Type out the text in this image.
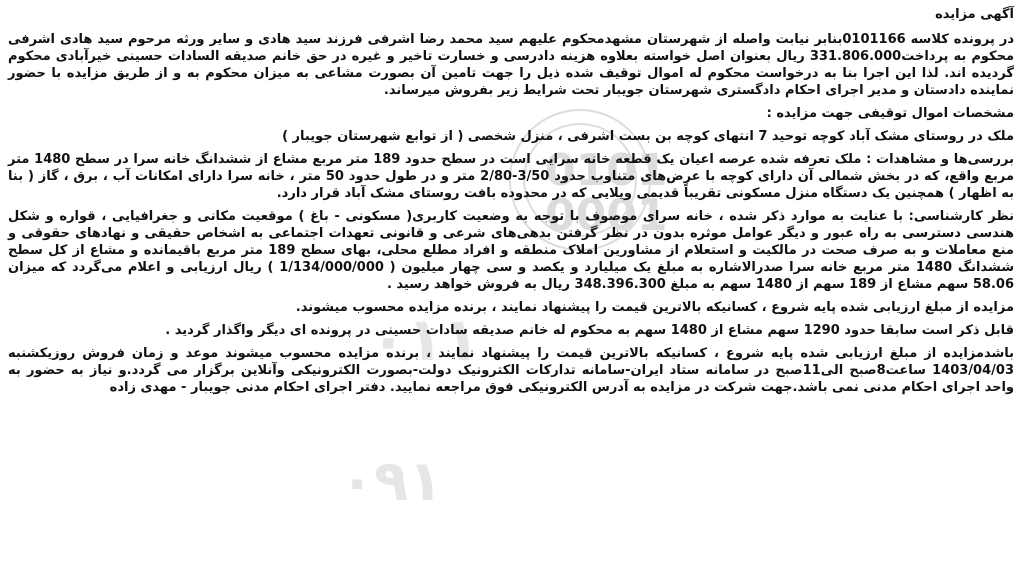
0101
0001
۰۱۱
۰۹۱

آگهی مزایده

در پرونده کلاسه 0101166بنابر نیابت واصله از شهرستان مشهدمحکوم علیهم سید محمد رضا اشرفی فرزند سید هادی و سایر ورثه مرحوم سید هادی اشرفی محکوم به پرداخت331.806.000 ریال بعنوان اصل خواسته بعلاوه هزینه دادرسی و خسارت تاخیر و غیره در حق خانم صدیقه السادات حسینی خیرآبادی محکوم گردیده اند. لذا این اجرا بنا به درخواست محکوم له اموال توقیف شده ذیل را جهت تامین آن بصورت مشاعی به میزان محکوم به و از طریق مزایده با حضور نماینده دادستان و مدیر اجرای احکام دادگستری شهرستان جویبار تحت شرایط زیر بفروش میرساند.

مشخصات اموال توقیفی جهت مزایده :

ملک در روستای مشک آباد کوچه توحید 7 انتهای کوچه بن بست اشرفی ، منزل شخصی ( از توابع شهرستان جویبار )

بررسی‌ها و مشاهدات : ملک تعرفه شده عرصه اعیان یک قطعه خانه سرایی است در سطح حدود 189 متر مربع مشاع از ششدانگ خانه سرا در سطح 1480 متر مربع واقع، که در بخش شمالی آن دارای کوچه با عرض‌های متناوب حدود 3/50-2/80 متر و در طول حدود 50 متر ، خانه سرا دارای امکانات آب ، برق ، گاز ( بنا به اظهار ) همچنین یک دستگاه منزل مسکونی تقریباً قدیمی ویلایی که در محدوده بافت روستای مشک آباد قرار دارد.

نظر کارشناسی: با عنایت به موارد ذکر شده ، خانه سرای موصوف با توجه به وضعیت کاربری( مسکونی - باغ ) موقعیت مکانی و جغرافیایی ، قواره و شکل هندسی دسترسی به راه عبور و دیگر عوامل موثره بدون در نظر گرفتن بدهی‌های شرعی و قانونی تعهدات اجتماعی به اشخاص حقیقی و نهادهای حقوقی و منع معاملات و به صرف صحت در مالکیت و استعلام از مشاورین املاک منطقه و افراد مطلع محلی، بهای سطح 189 متر مربع باقیمانده و مشاع از کل سطح ششدانگ 1480 متر مربع خانه سرا صدرالاشاره به مبلغ یک میلیارد و یکصد و سی چهار میلیون ( 1/134/000/000 ) ریال ارزیابی و اعلام می‌گردد که میزان 58.06 سهم مشاع از 189 سهم از 1480 سهم به مبلغ 348.396.300 ریال به فروش خواهد رسید .

مزایده از مبلغ ارزیابی شده پایه شروع ، کسانیکه بالاترین قیمت را پیشنهاد نمایند ، برنده مزایده محسوب میشوند.

قابل ذکر است سابقا حدود 1290 سهم مشاع از 1480 سهم به محکوم له خانم صدیقه سادات حسینی در پرونده ای دیگر واگذار گردید .

باشدمزایده از مبلغ ارزیابی شده پایه شروع ، کسانیکه بالاترین قیمت را پیشنهاد نمایند ، برنده مزایده محسوب میشوند موعد و زمان فروش روزیکشنبه 1403/04/03 ساعت8صبح الی11صبح در سامانه ستاد ایران-سامانه تدارکات الکترونیک دولت-بصورت الکترونیکی وآنلاین برگزار می گردد.و نیاز به حضور به واحد اجرای احکام مدنی نمی باشد.جهت شرکت در مزایده به آدرس الکترونیکی فوق مراجعه نمایید. دفتر اجرای احکام مدنی جویبار - مهدی زاده
